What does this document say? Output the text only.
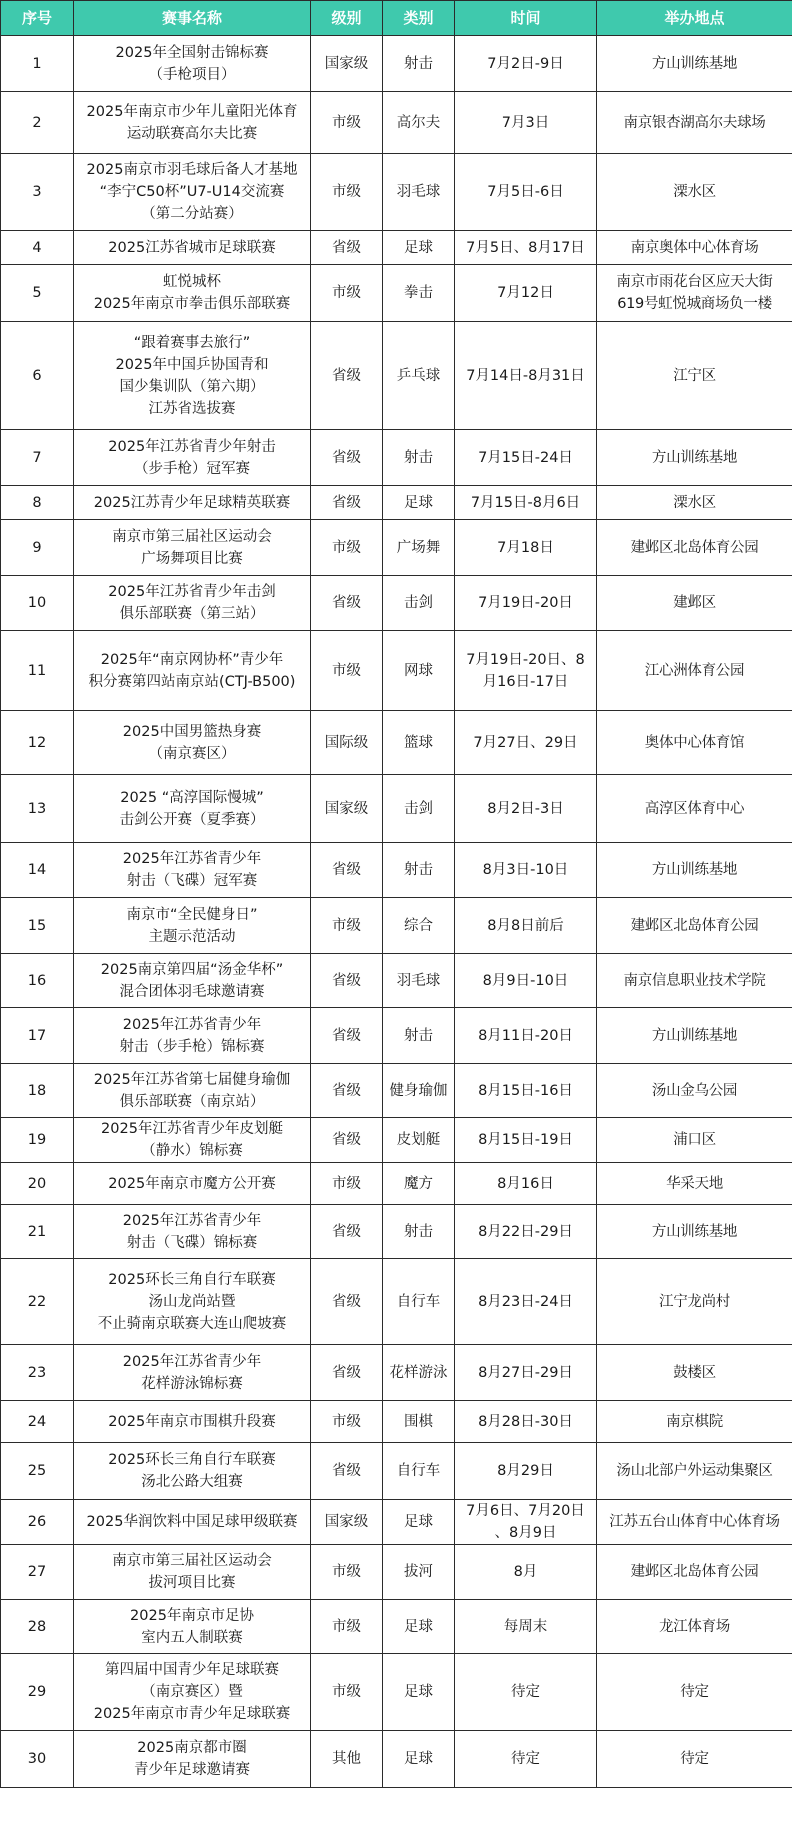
序号	赛事名称	级别	类别	时间	举办地点
1	2025年全国射击锦标赛
（手枪项目）	国家级	射击	7月2日-9日	方山训练基地

2	2025年南京市少年儿童阳光体育
运动联赛高尔夫比赛	市级	高尔夫	7月3日	南京银杏湖高尔夫球场

3	2025南京市羽毛球后备人才基地
“李宁C50杯”U7-U14交流赛
（第二分站赛）	市级	羽毛球	7月5日-6日	溧水区

4	2025江苏省城市足球联赛	省级	足球	7月5日、8月17日	南京奥体中心体育场

5	虹悦城杯
2025年南京市拳击俱乐部联赛	市级	拳击	7月12日	南京市雨花台区应天大街
619号虹悦城商场负一楼

6	“跟着赛事去旅行”
2025年中国乒协国青和
国少集训队（第六期）
江苏省选拔赛	省级	乒乓球	7月14日-8月31日	江宁区

7	2025年江苏省青少年射击
（步手枪）冠军赛	省级	射击	7月15日-24日	方山训练基地

8	2025江苏青少年足球精英联赛	省级	足球	7月15日-8月6日	溧水区

9	南京市第三届社区运动会
广场舞项目比赛	市级	广场舞	7月18日	建邺区北岛体育公园

10	2025年江苏省青少年击剑
俱乐部联赛（第三站）	省级	击剑	7月19日-20日	建邺区

11	2025年“南京网协杯”青少年
积分赛第四站南京站(CTJ-B500)	市级	网球	7月19日-20日、8
月16日-17日	江心洲体育公园

12	2025中国男篮热身赛
（南京赛区）	国际级	篮球	7月27日、29日	奥体中心体育馆

13	2025 “高淳国际慢城”
击剑公开赛（夏季赛）	国家级	击剑	8月2日-3日	高淳区体育中心

14	2025年江苏省青少年
射击（飞碟）冠军赛	省级	射击	8月3日-10日	方山训练基地

15	南京市“全民健身日”
主题示范活动	市级	综合	8月8日前后	建邺区北岛体育公园

16	2025南京第四届“汤金华杯”
混合团体羽毛球邀请赛	省级	羽毛球	8月9日-10日	南京信息职业技术学院

17	2025年江苏省青少年
射击（步手枪）锦标赛	省级	射击	8月11日-20日	方山训练基地

18	2025年江苏省第七届健身瑜伽
俱乐部联赛（南京站）	省级	健身瑜伽	8月15日-16日	汤山金乌公园

19	2025年江苏省青少年皮划艇
（静水）锦标赛	省级	皮划艇	8月15日-19日	浦口区

20	2025年南京市魔方公开赛	市级	魔方	8月16日	华采天地

21	2025年江苏省青少年
射击（飞碟）锦标赛	省级	射击	8月22日-29日	方山训练基地

22	2025环长三角自行车联赛
汤山龙尚站暨
不止骑南京联赛大连山爬坡赛	省级	自行车	8月23日-24日	江宁龙尚村

23	2025年江苏省青少年
花样游泳锦标赛	省级	花样游泳	8月27日-29日	鼓楼区

24	2025年南京市围棋升段赛	市级	围棋	8月28日-30日	南京棋院

25	2025环长三角自行车联赛
汤北公路大组赛	省级	自行车	8月29日	汤山北部户外运动集聚区

26	2025华润饮料中国足球甲级联赛	国家级	足球	7月6日、7月20日
、8月9日	江苏五台山体育中心体育场

27	南京市第三届社区运动会
拔河项目比赛	市级	拔河	8月	建邺区北岛体育公园

28	2025年南京市足协
室内五人制联赛	市级	足球	每周末	龙江体育场

29	第四届中国青少年足球联赛
（南京赛区）暨
2025年南京市青少年足球联赛	市级	足球	待定	待定

30	2025南京都市圈
青少年足球邀请赛	其他	足球	待定	待定
